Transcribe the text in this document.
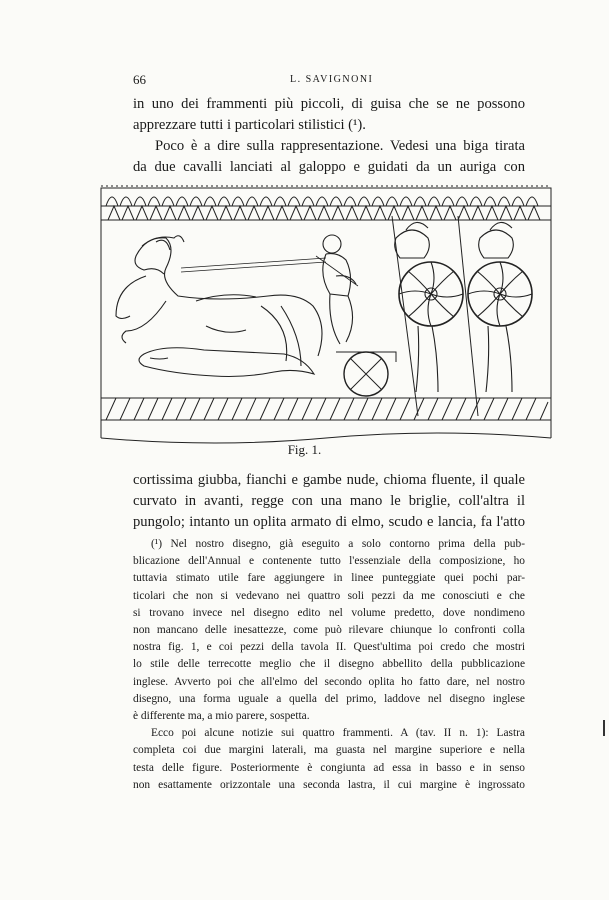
66	L. SAVIGNONI
in uno dei frammenti più piccoli, di guisa che se ne possono
apprezzare tutti i particolari stilistici (¹).
Poco è a dire sulla rappresentazione. Vedesi una biga tirata
da due cavalli lanciati al galoppo e guidati da un auriga con
Fig. 1.
cortissima giubba, fianchi e gambe nude, chioma fluente, il quale
curvato in avanti, regge con una mano le briglie, coll'altra il
pungolo; intanto un oplita armato di elmo, scudo e lancia, fa l'atto
(¹) Nel nostro disegno, già eseguito a solo contorno prima della pub-
blicazione dell'Annual e contenente tutto l'essenziale della composizione, ho
tuttavia stimato utile fare aggiungere in linee punteggiate quei pochi par-
ticolari che non si vedevano nei quattro soli pezzi da me conosciuti e che
si trovano invece nel disegno edito nel volume predetto, dove nondimeno
non mancano delle inesattezze, come può rilevare chiunque lo confronti colla
nostra fig. 1, e coi pezzi della tavola II. Quest'ultima poi credo che mostri
lo stile delle terrecotte meglio che il disegno abbellito della pubblicazione
inglese. Avverto poi che all'elmo del secondo oplita ho fatto dare, nel nostro
disegno, una forma uguale a quella del primo, laddove nel disegno inglese
è differente ma, a mio parere, sospetta.
Ecco poi alcune notizie sui quattro frammenti. A (tav. II n. 1): Lastra
completa coi due margini laterali, ma guasta nel margine superiore e nella
testa delle figure. Posteriormente è congiunta ad essa in basso e in senso
non esattamente orizzontale una seconda lastra, il cui margine è ingrossato
